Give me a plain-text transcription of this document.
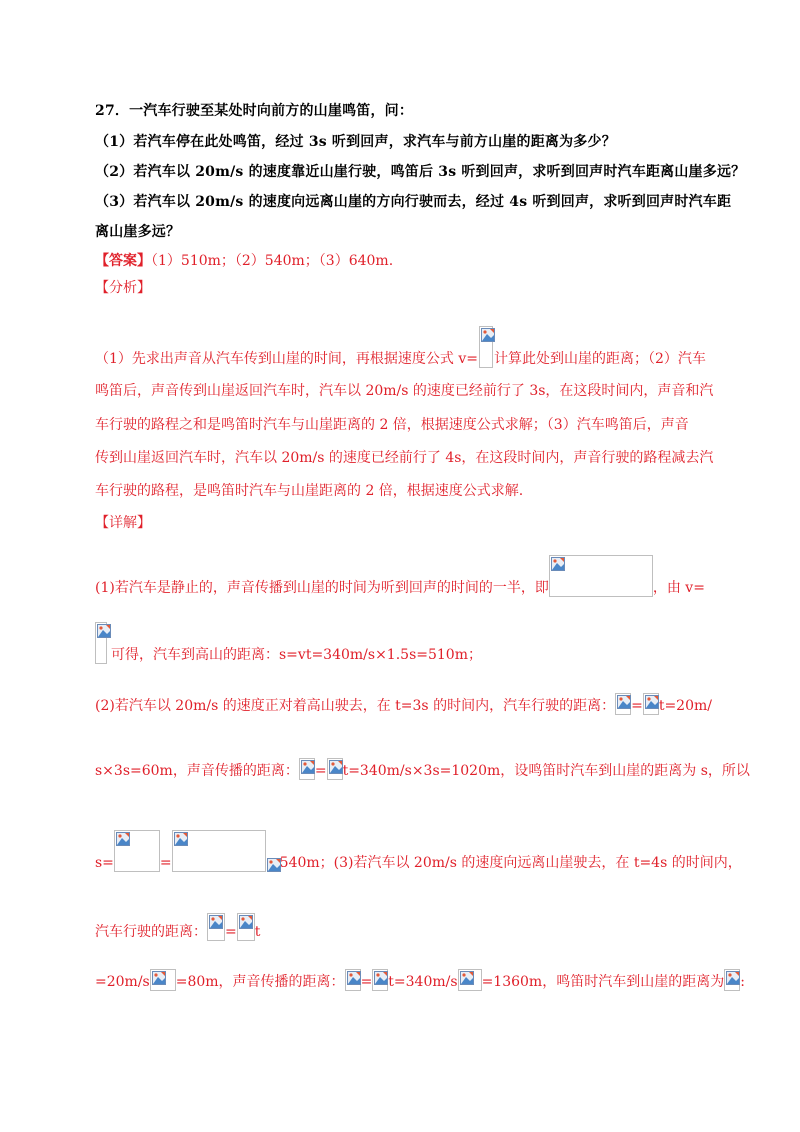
27．一汽车行驶至某处时向前方的山崖鸣笛，问：
（1）若汽车停在此处鸣笛，经过 3s 听到回声，求汽车与前方山崖的距离为多少？
（2）若汽车以 20m/s 的速度靠近山崖行驶，鸣笛后 3s 听到回声，求听到回声时汽车距离山崖多远？
（3）若汽车以 20m/s 的速度向远离山崖的方向行驶而去，经过 4s 听到回声，求听到回声时汽车距
离山崖多远？
【答案】（1）510m；（2）540m；（3）640m.
【分析】
（1）先求出声音从汽车传到山崖的时间，再根据速度公式 v= 计算此处到山崖的距离；（2）汽车
鸣笛后，声音传到山崖返回汽车时，汽车以 20m/s 的速度已经前行了 3s，在这段时间内，声音和汽
车行驶的路程之和是鸣笛时汽车与山崖距离的 2 倍，根据速度公式求解；（3）汽车鸣笛后，声音
传到山崖返回汽车时，汽车以 20m/s 的速度已经前行了 4s，在这段时间内，声音行驶的路程减去汽
车行驶的路程，是鸣笛时汽车与山崖距离的 2 倍，根据速度公式求解.
【详解】
(1)若汽车是静止的，声音传播到山崖的时间为听到回声的时间的一半，即	，由 v=
可得，汽车到高山的距离：s=vt=340m/s×1.5s=510m；
(2)若汽车以 20m/s 的速度正对着高山驶去，在 t=3s 的时间内，汽车行驶的距离： = t=20m/
s×3s=60m，声音传播的距离： = t=340m/s×3s=1020m，设鸣笛时汽车到山崖的距离为 s，所以
s=	=	540m；(3)若汽车以 20m/s 的速度向远离山崖驶去，在 t=4s 的时间内，
汽车行驶的距离： = t
=20m/s =80m，声音传播的距离： = t=340m/s =1360m，鸣笛时汽车到山崖的距离为 :
